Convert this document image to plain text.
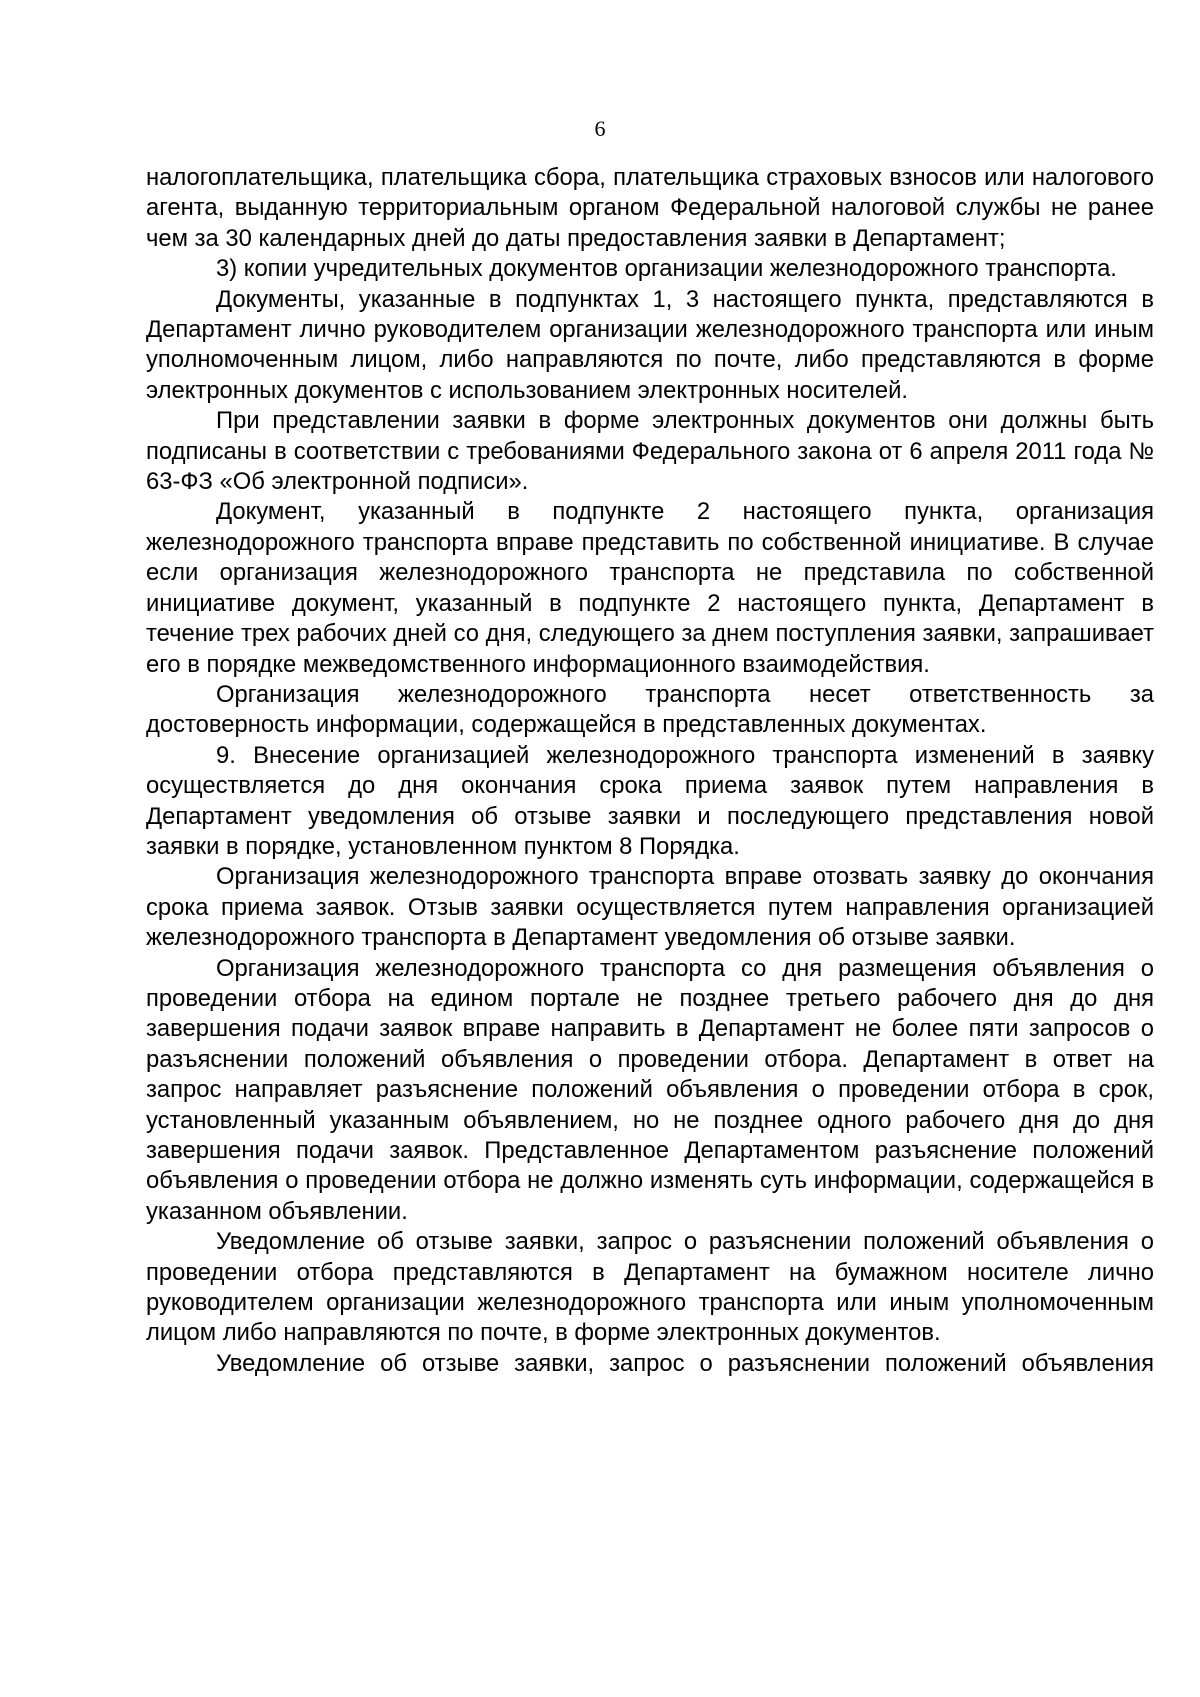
6

налогоплательщика, плательщика сбора, плательщика страховых взносов или налогового агента, выданную территориальным органом Федеральной налоговой службы не ранее чем за 30 календарных дней до даты предоставления заявки в Департамент;

3) копии учредительных документов организации железнодорожного транспорта.

Документы, указанные в подпунктах 1, 3 настоящего пункта, представляются в Департамент лично руководителем организации железнодорожного транспорта или иным уполномоченным лицом, либо направляются по почте, либо представляются в форме электронных документов с использованием электронных носителей.

При представлении заявки в форме электронных документов они должны быть подписаны в соответствии с требованиями Федерального закона от 6 апреля 2011 года № 63-ФЗ «Об электронной подписи».

Документ, указанный в подпункте 2 настоящего пункта, организация железнодорожного транспорта вправе представить по собственной инициативе. В случае если организация железнодорожного транспорта не представила по собственной инициативе документ, указанный в подпункте 2 настоящего пункта, Департамент в течение трех рабочих дней со дня, следующего за днем поступления заявки, запрашивает его в порядке межведомственного информационного взаимодействия.

Организация железнодорожного транспорта несет ответственность за достоверность информации, содержащейся в представленных документах.

9. Внесение организацией железнодорожного транспорта изменений в заявку осуществляется до дня окончания срока приема заявок путем направления в Департамент уведомления об отзыве заявки и последующего представления новой заявки в порядке, установленном пунктом 8 Порядка.

Организация железнодорожного транспорта вправе отозвать заявку до окончания срока приема заявок. Отзыв заявки осуществляется путем направления организацией железнодорожного транспорта в Департамент уведомления об отзыве заявки.

Организация железнодорожного транспорта со дня размещения объявления о проведении отбора на едином портале не позднее третьего рабочего дня до дня завершения подачи заявок вправе направить в Департамент не более пяти запросов о разъяснении положений объявления о проведении отбора. Департамент в ответ на запрос направляет разъяснение положений объявления о проведении отбора в срок, установленный указанным объявлением, но не позднее одного рабочего дня до дня завершения подачи заявок. Представленное Департаментом разъяснение положений объявления о проведении отбора не должно изменять суть информации, содержащейся в указанном объявлении.

Уведомление об отзыве заявки, запрос о разъяснении положений объявления о проведении отбора представляются в Департамент на бумажном носителе лично руководителем организации железнодорожного транспорта или иным уполномоченным лицом либо направляются по почте, в форме электронных документов.

Уведомление об отзыве заявки, запрос о разъяснении положений объявления
